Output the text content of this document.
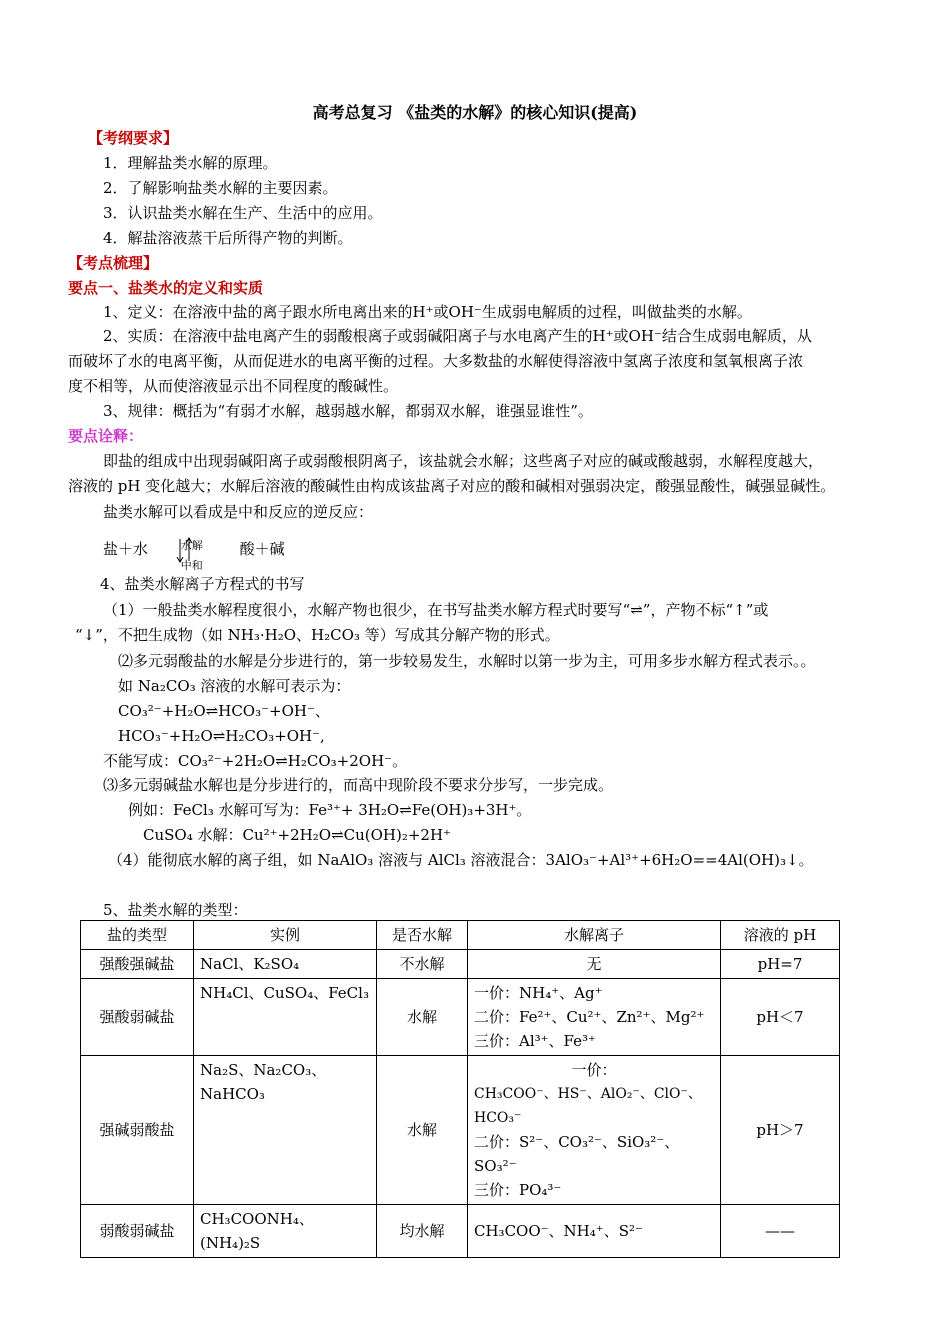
高考总复习 《盐类的水解》的核心知识(提高)
【考纲要求】
1．理解盐类水解的原理。
2．了解影响盐类水解的主要因素。
3．认识盐类水解在生产、生活中的应用。
4．解盐溶液蒸干后所得产物的判断。
【考点梳理】
要点一、盐类水的定义和实质
1、定义：在溶液中盐的离子跟水所电离出来的H⁺或OH⁻生成弱电解质的过程，叫做盐类的水解。
2、实质：在溶液中盐电离产生的弱酸根离子或弱碱阳离子与水电离产生的H⁺或OH⁻结合生成弱电解质，从
而破坏了水的电离平衡，从而促进水的电离平衡的过程。大多数盐的水解使得溶液中氢离子浓度和氢氧根离子浓
度不相等，从而使溶液显示出不同程度的酸碱性。
3、规律：概括为“有弱才水解，越弱越水解，都弱双水解，谁强显谁性”。
要点诠释：
即盐的组成中出现弱碱阳离子或弱酸根阴离子，该盐就会水解；这些离子对应的碱或酸越弱，水解程度越大，
溶液的 pH 变化越大；水解后溶液的酸碱性由构成该盐离子对应的酸和碱相对强弱决定，酸强显酸性，碱强显碱性。
盐类水解可以看成是中和反应的逆反应：
盐＋水	水解
中和
酸＋碱
4、盐类水解离子方程式的书写
（1）一般盐类水解程度很小，水解产物也很少，在书写盐类水解方程式时要写“⇌”，产物不标“↑”或
“↓”，不把生成物（如 NH₃·H₂O、H₂CO₃ 等）写成其分解产物的形式。
⑵多元弱酸盐的水解是分步进行的，第一步较易发生，水解时以第一步为主，可用多步水解方程式表示。。
如 Na₂CO₃ 溶液的水解可表示为：
CO₃²⁻+H₂O⇌HCO₃⁻+OH⁻、
HCO₃⁻+H₂O⇌H₂CO₃+OH⁻,
不能写成：CO₃²⁻+2H₂O⇌H₂CO₃+2OH⁻。
⑶多元弱碱盐水解也是分步进行的，而高中现阶段不要求分步写，一步完成。
例如：FeCl₃ 水解可写为：Fe³⁺+ 3H₂O⇌Fe(OH)₃+3H⁺。
CuSO₄ 水解：Cu²⁺+2H₂O⇌Cu(OH)₂+2H⁺
（4）能彻底水解的离子组，如 NaAlO₃ 溶液与 AlCl₃ 溶液混合：3AlO₃⁻+Al³⁺+6H₂O==4Al(OH)₃↓。
5、盐类水解的类型：
盐的类型	实例	是否水解	水解离子	溶液的 pH
强酸强碱盐	NaCl、K₂SO₄	不水解	无	pH=7
强酸弱碱盐	NH₄Cl、CuSO₄、FeCl₃	水解	一价：NH₄⁺、Ag⁺
二价：Fe²⁺、Cu²⁺、Zn²⁺、Mg²⁺
三价：Al³⁺、Fe³⁺	pH＜7
强碱弱酸盐	Na₂S、Na₂CO₃、NaHCO₃	水解	一价：
CH₃COO⁻、HS⁻、AlO₂⁻、ClO⁻、HCO₃⁻
二价：S²⁻、CO₃²⁻、SiO₃²⁻、SO₃²⁻
三价：PO₄³⁻	pH＞7
弱酸弱碱盐	CH₃COONH₄、(NH₄)₂S	均水解	CH₃COO⁻、NH₄⁺、S²⁻	——
